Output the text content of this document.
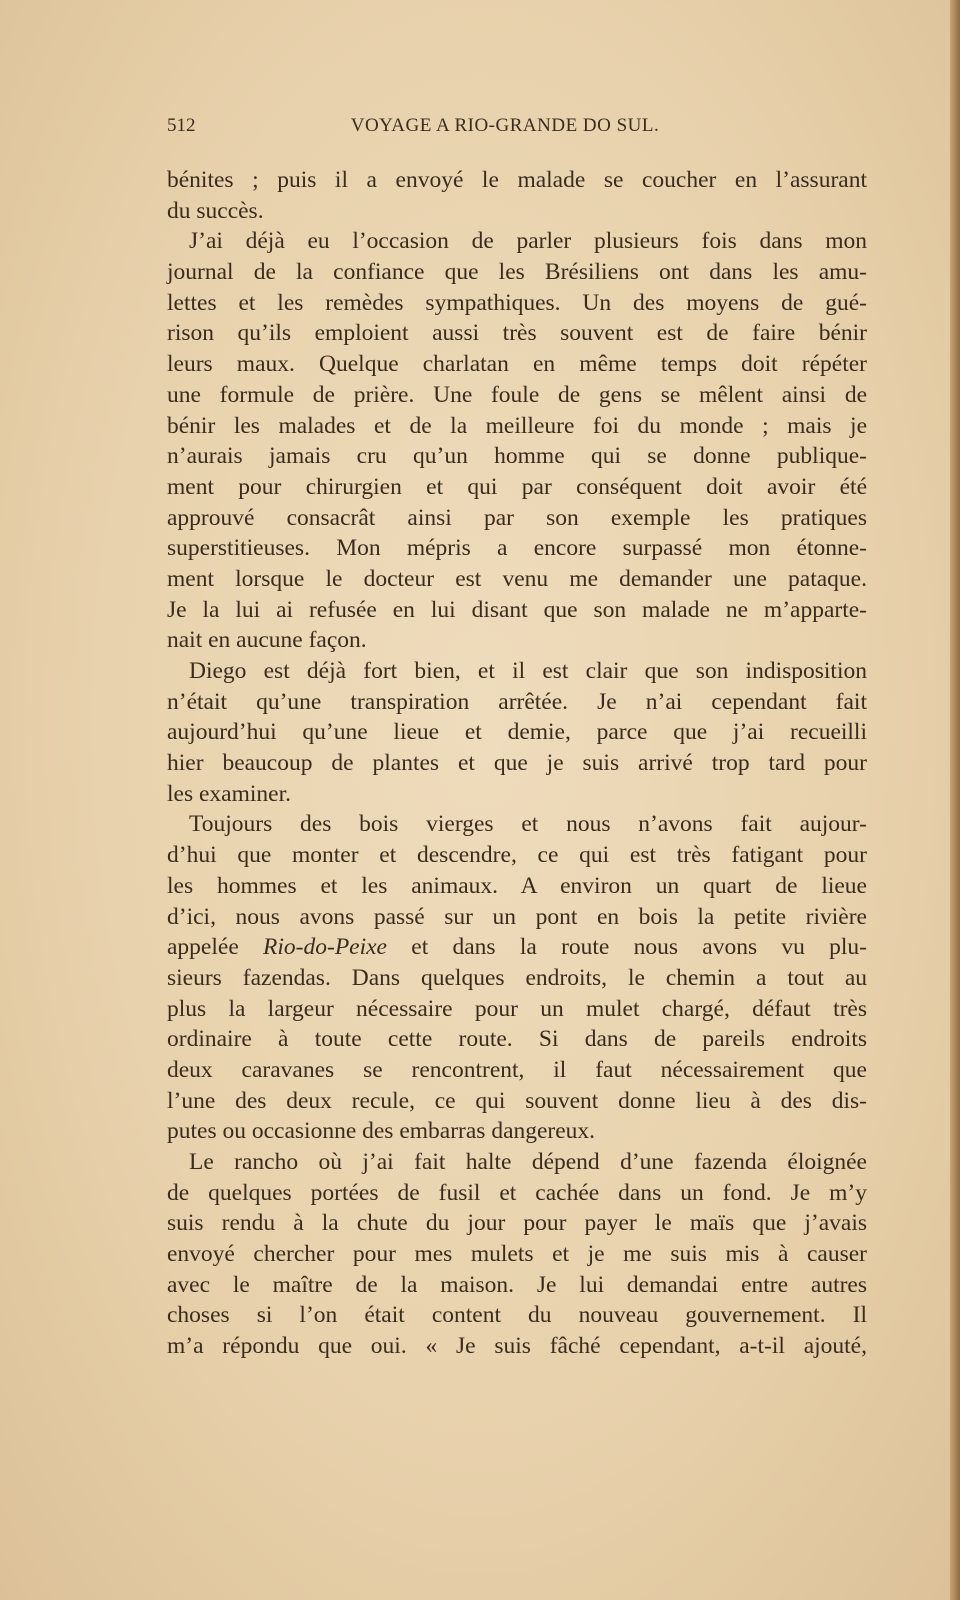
512	VOYAGE A RIO-GRANDE DO SUL.
bénites ; puis il a envoyé le malade se coucher en l’assurant
du succès.
J’ai déjà eu l’occasion de parler plusieurs fois dans mon
journal de la confiance que les Brésiliens ont dans les amu-
lettes et les remèdes sympathiques. Un des moyens de gué-
rison qu’ils emploient aussi très souvent est de faire bénir
leurs maux. Quelque charlatan en même temps doit répéter
une formule de prière. Une foule de gens se mêlent ainsi de
bénir les malades et de la meilleure foi du monde ; mais je
n’aurais jamais cru qu’un homme qui se donne publique-
ment pour chirurgien et qui par conséquent doit avoir été
approuvé consacrât ainsi par son exemple les pratiques
superstitieuses. Mon mépris a encore surpassé mon étonne-
ment lorsque le docteur est venu me demander une pataque.
Je la lui ai refusée en lui disant que son malade ne m’apparte-
nait en aucune façon.
Diego est déjà fort bien, et il est clair que son indisposition
n’était qu’une transpiration arrêtée. Je n’ai cependant fait
aujourd’hui qu’une lieue et demie, parce que j’ai recueilli
hier beaucoup de plantes et que je suis arrivé trop tard pour
les examiner.
Toujours des bois vierges et nous n’avons fait aujour-
d’hui que monter et descendre, ce qui est très fatigant pour
les hommes et les animaux. A environ un quart de lieue
d’ici, nous avons passé sur un pont en bois la petite rivière
appelée Rio-do-Peixe et dans la route nous avons vu plu-
sieurs fazendas. Dans quelques endroits, le chemin a tout au
plus la largeur nécessaire pour un mulet chargé, défaut très
ordinaire à toute cette route. Si dans de pareils endroits
deux caravanes se rencontrent, il faut nécessairement que
l’une des deux recule, ce qui souvent donne lieu à des dis-
putes ou occasionne des embarras dangereux.
Le rancho où j’ai fait halte dépend d’une fazenda éloignée
de quelques portées de fusil et cachée dans un fond. Je m’y
suis rendu à la chute du jour pour payer le maïs que j’avais
envoyé chercher pour mes mulets et je me suis mis à causer
avec le maître de la maison. Je lui demandai entre autres
choses si l’on était content du nouveau gouvernement. Il
m’a répondu que oui. « Je suis fâché cependant, a-t-il ajouté,
